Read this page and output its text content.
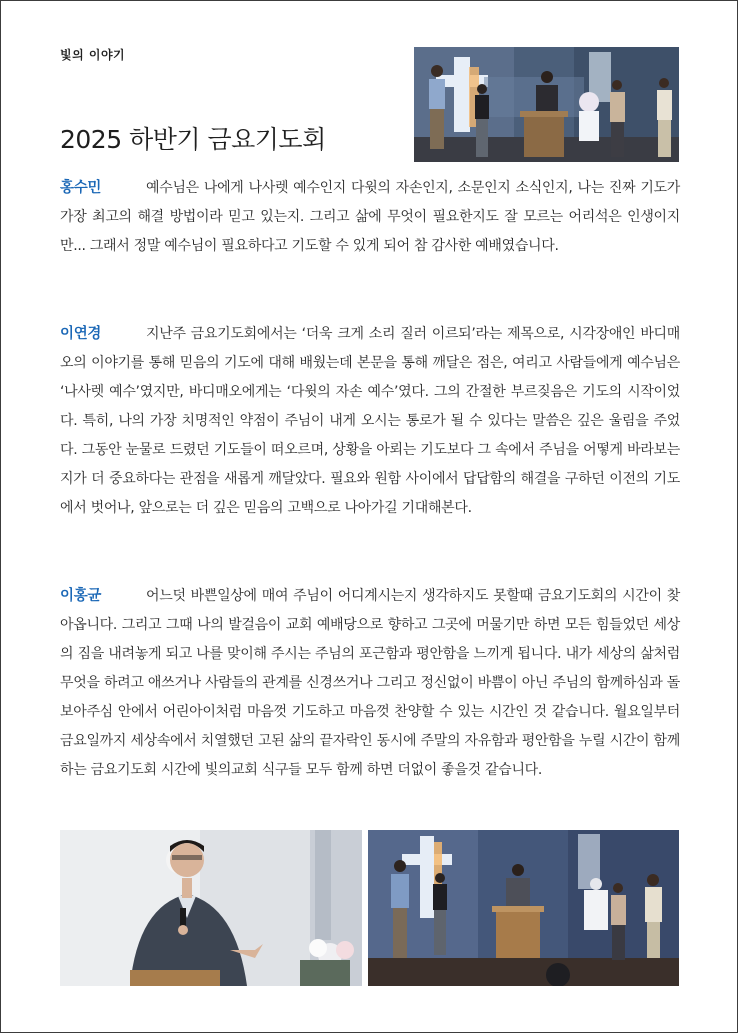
빛의 이야기
2025 하반기 금요기도회
홍수민	예수님은 나에게 나사렛 예수인지 다윗의 자손인지, 소문인지 소식인지, 나는 진짜 기도가 가장 최고의 해결 방법이라 믿고 있는지. 그리고 삶에 무엇이 필요한지도 잘 모르는 어리석은 인생이지만... 그래서 정말 예수님이 필요하다고 기도할 수 있게 되어 참 감사한 예배였습니다.
이연경	지난주 금요기도회에서는 ‘더욱 크게 소리 질러 이르되’라는 제목으로, 시각장애인 바디매오의 이야기를 통해 믿음의 기도에 대해 배웠는데 본문을 통해 깨달은 점은, 여리고 사람들에게 예수님은 ‘나사렛 예수’였지만, 바디매오에게는 ‘다윗의 자손 예수’였다. 그의 간절한 부르짖음은 기도의 시작이었다. 특히, 나의 가장 치명적인 약점이 주님이 내게 오시는 통로가 될 수 있다는 말씀은 깊은 울림을 주었다. 그동안 눈물로 드렸던 기도들이 떠오르며, 상황을 아뢰는 기도보다 그 속에서 주님을 어떻게 바라보는지가 더 중요하다는 관점을 새롭게 깨달았다. 필요와 원함 사이에서 답답함의 해결을 구하던 이전의 기도에서 벗어나, 앞으로는 더 깊은 믿음의 고백으로 나아가길 기대해본다.
이홍균	어느덧 바쁜일상에 매여 주님이 어디계시는지 생각하지도 못할때 금요기도회의 시간이 찾아옵니다. 그리고 그때 나의 발걸음이 교회 예배당으로 향하고 그곳에 머물기만 하면 모든 힘들었던 세상의 짐을 내려놓게 되고 나를 맞이해 주시는 주님의 포근함과 평안함을 느끼게 됩니다. 내가 세상의 삶처럼 무엇을 하려고 애쓰거나 사람들의 관계를 신경쓰거나 그리고 정신없이 바쁨이 아닌 주님의 함께하심과 돌보아주심 안에서 어린아이처럼 마음껏 기도하고 마음껏 찬양할 수 있는 시간인 것 같습니다. 월요일부터 금요일까지 세상속에서 치열했던 고된 삶의 끝자락인 동시에 주말의 자유함과 평안함을 누릴 시간이 함께하는 금요기도회 시간에 빛의교회 식구들 모두 함께 하면 더없이 좋을것 같습니다.
